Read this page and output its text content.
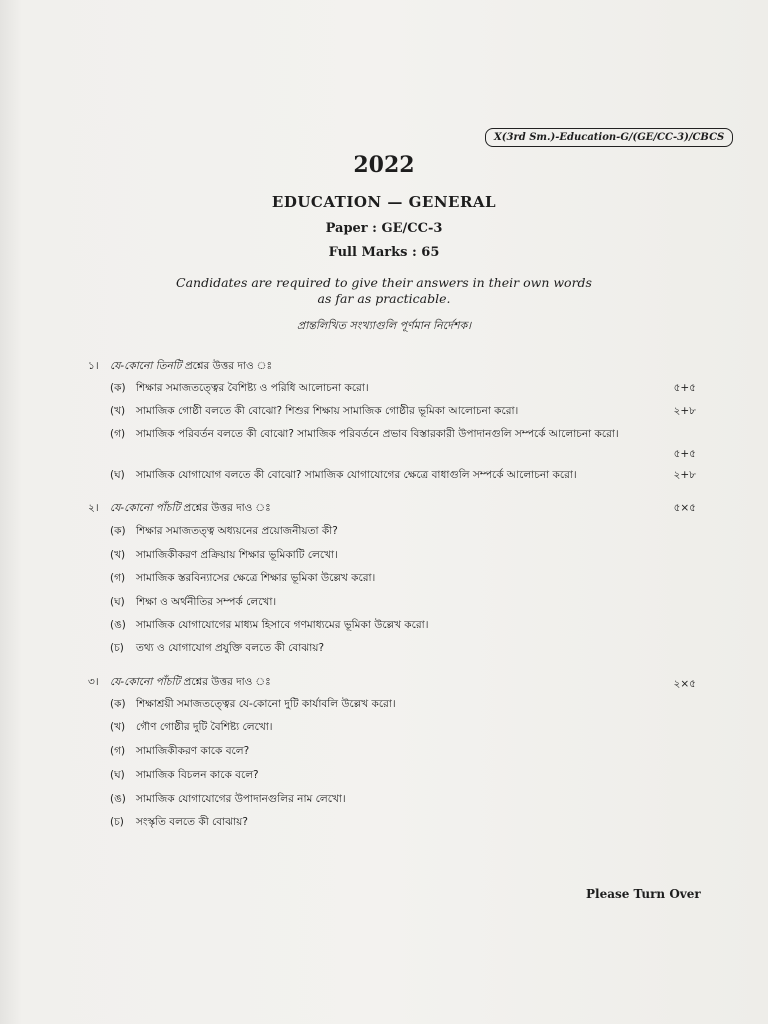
X(3rd Sm.)-Education-G/(GE/CC-3)/CBCS
2022
EDUCATION — GENERAL
Paper : GE/CC-3
Full Marks : 65
Candidates are required to give their answers in their own words
as far as practicable.
প্রান্তলিখিত সংখ্যাগুলি পূর্ণমান নির্দেশক।
১। যে-কোনো তিনটি প্রশ্নের উত্তর দাও ঃ
(ক) শিক্ষার সমাজতত্ত্বের বৈশিষ্ট্য ও পরিধি আলোচনা করো।	৫+৫
(খ) সামাজিক গোষ্ঠী বলতে কী বোঝো? শিশুর শিক্ষায় সামাজিক গোষ্ঠীর ভূমিকা আলোচনা করো।	২+৮
(গ) সামাজিক পরিবর্তন বলতে কী বোঝো? সামাজিক পরিবর্তনে প্রভাব বিস্তারকারী উপাদানগুলি সম্পর্কে আলোচনা করো।
৫+৫
(ঘ) সামাজিক যোগাযোগ বলতে কী বোঝো? সামাজিক যোগাযোগের ক্ষেত্রে বাধাগুলি সম্পর্কে আলোচনা করো।	২+৮
২। যে-কোনো পাঁচটি প্রশ্নের উত্তর দাও ঃ	৫×৫
(ক) শিক্ষার সমাজতত্ত্ব অধ্যয়নের প্রয়োজনীয়তা কী?
(খ) সামাজিকীকরণ প্রক্রিয়ায় শিক্ষার ভূমিকাটি লেখো।
(গ) সামাজিক স্তরবিন্যাসের ক্ষেত্রে শিক্ষার ভূমিকা উল্লেখ করো।
(ঘ) শিক্ষা ও অর্থনীতির সম্পর্ক লেখো।
(ঙ) সামাজিক যোগাযোগের মাধ্যম হিসাবে গণমাধ্যমের ভূমিকা উল্লেখ করো।
(চ) তথ্য ও যোগাযোগ প্রযুক্তি বলতে কী বোঝায়?
৩। যে-কোনো পাঁচটি প্রশ্নের উত্তর দাও ঃ	২×৫
(ক) শিক্ষাশ্রয়ী সমাজতত্ত্বের যে-কোনো দুটি কার্যাবলি উল্লেখ করো।
(খ) গৌণ গোষ্ঠীর দুটি বৈশিষ্ট্য লেখো।
(গ) সামাজিকীকরণ কাকে বলে?
(ঘ) সামাজিক বিচলন কাকে বলে?
(ঙ) সামাজিক যোগাযোগের উপাদানগুলির নাম লেখো।
(চ) সংস্কৃতি বলতে কী বোঝায়?
Please Turn Over
